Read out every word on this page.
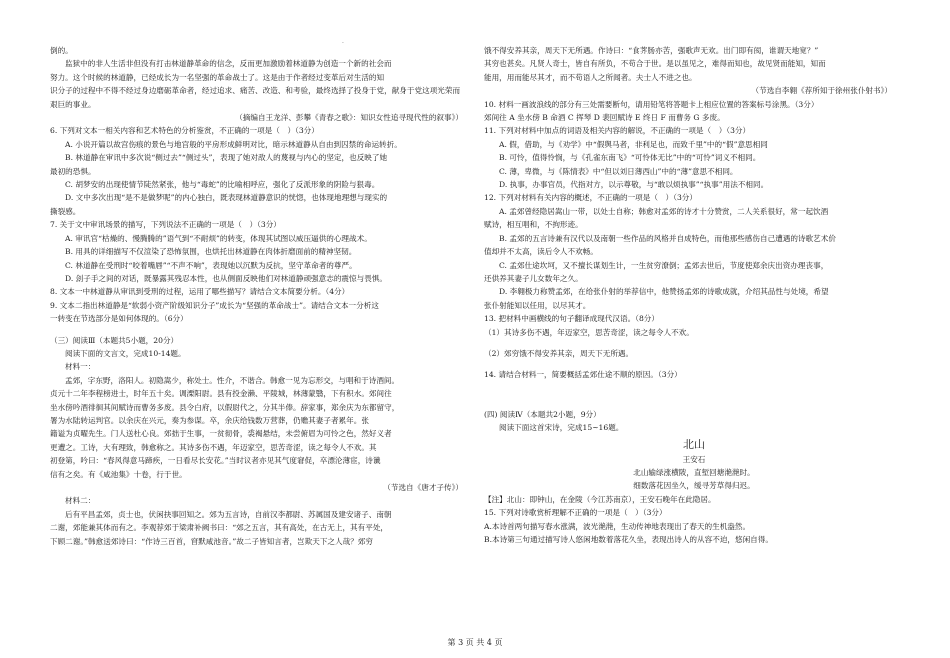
·
倒的。
监狱中的非人生活非但没有打击林道静革命的信念，反而更加激励着林道静为创造一个新的社会而
努力。这个时候的林道静，已经成长为一名坚强的革命战士了。这是由于作者经过变革后对生活的知
识分子的过程中不得不经过身边磨砺革命者，经过追求、痛苦、改造、和考验，最终选择了投身于党，献身于党这项光荣而
艰巨的事业。
（摘编自王龙洋、彭攀《青春之歌》：知识女性追寻现代性的叙事》）
6. 下列对文本一相关内容和艺术特色的分析鉴赏，不正确的一项是（　）（3分）
A. 小说开篇以故宫伤痕的景色与地宫般的平房形成鲜明对比，暗示林道静从自由到囚禁的命运转折。
B. 林道静在审讯中多次说“侧过去”“侧过头”，表现了她对敌人的蔑视与内心的坚定，也反映了她
最初的恐惧。
C. 胡梦安的出现使情节陡然紧张，他与“毒蛇”的比喻相呼应，强化了反派形象的阴险与狠毒。
D. 文中多次出现“是不是做梦呢”的内心独白，既表现林道静意识的恍惚，也体现地理想与现实的
撕裂感。
7. 关于文中审讯场景的描写，下列说法不正确的一项是（　）（3分）
A. 审讯官“枯燥的、慢腾腾的”语气到“不耐烦”的转变，体现其试图以威压逼供的心理战术。
B. 用具的详细描写不仅渲染了恐怖氛围，也烘托出林道静在肉体折磨面前的精神坚韧。
C. 林道静在受刑时“咬着嘴唇”“不声不响”，表现她以沉默为反抗，坚守革命者的尊严。
D. 刽子手之间的对话，既暴露其残忍本性，也从侧面反映他们对林道静顽强意志的震惊与畏惧。
8. 文本一中林道静从审讯到受刑的过程，运用了哪些描写？请结合文本简要分析。（4分）
9. 文本二指出林道静是“软弱小资产阶级知识分子”成长为“坚强的革命战士”。请结合文本一分析这
一转变在节选部分是如何体现的。（6分）
（三）阅读Ⅲ（本题共5小题，20分）
阅读下面的文言文，完成10-14题。
材料一：
孟郊，字东野，洛阳人。初隐嵩少，称处士。性介，不谐合。韩愈一见为忘形交，与唱和于诗酒间。
贞元十二年李程榜进士，时年五十矣。调溧阳尉。县有投金濑、平陵城，林薄蒙翳，下有积水。郊间往
坐水傍吟酒徘徊其间赋诗而曹务多废。县令白府，以假尉代之，分其半俸。辞家事，郑余庆为东都留守，
署为水陆转运判官。以余庆在兴元，奏为参谋。卒，余庆给钱数万营葬，仍赡其妻子者累年。张
籍谥为贞曜先生。门人送杜心良。郊拙于生事，一贫彻骨，裘褐悬结，未尝俯眉为可怜之色，然好义者
更遭之。工诗，大有理致，韩愈称之。其诗多伤不遇，年迈家空，思苦奇涩，读之每令人不欢。其
初登第，吟曰：“春风得意马蹄疾，一日看尽长安花。”当时议者亦见其气度窘促，卒漂沦薄宦，诗谶
信有之矣。有《咸池集》十卷，行于世。
（节选自《唐才子传》）
材料二：
后有平昌孟郊，贞士也，伏闲抉事回知之。郊为五言诗，自前汉李都尉、苏属国及建安诸子、南朝
二谢，郊能兼其体而有之。李观荐郊于梁肃补阙书曰：“郊之五言，其有高处，在古无上，其有平处，
下顾二谢。”韩愈送郊诗曰：“作诗三百首，窅默咸池音。”故二子皆知言者，岂欺天下之人哉？郊穷
饿不得安养其亲，周天下无所遇。作诗曰：“食荠肠亦苦，强歌声无欢。出门即有阂，谁谓天地宽？”
其穷也甚矣。凡贤人奇士，皆自有所负，不苟合于世。是以虽见之，难得而知也，故见贤而能知，知而
能用，用而能尽其才，而不苟语人之所闻者。夫士人不进之也。
（节选自李翱《荐所知于徐州张仆射书》）
10. 材料一画波浪线的部分有三处需要断句，请用铅笔将答题卡上相应位置的答案标号涂黑。（3分）
郊间往 A 坐水傍 B 命酒 C 挥琴 D 裴回赋诗 E 终日 F 而曹务 G 多废。
11. 下列对材料中加点的词语及相关内容的解说，不正确的一项是（　）（3分）
A. 假，借助，与《劝学》中“假舆马者，非利足也，而致千里”中的“假”意思相同
B. 可怜，值得怜悯，与《孔雀东南飞》“可怜体无比”中的“可怜”词义不相同。
C. 薄，卑微，与《陈情表》中“但以刘日薄西山”中的“薄”意思不相同。
D. 执事，办事官员，代指对方，以示尊敬，与“敢以烦执事”“执事”用法不相同。
12. 下列对材料有关内容的概述，不正确的一项是（　）（3分）
A. 孟郊曾经隐居嵩山一带，以处士自称；韩愈对孟郊的诗才十分赞赏，二人关系很好，常一起饮酒
赋诗，相互唱和，不拘形迹。
B. 孟郊的五言诗兼有汉代以及南朝一些作品的风格并自成特色，而他那些感伤自己遭遇的诗歌艺术价
值却并不太高，读后令人不欢畅。
C. 孟郊仕途坎坷，又不擅长谋划生计，一生贫穷潦倒；孟郊去世后，节度使郑余庆出资办理丧事，
还供养其妻子儿女数年之久。
D. 李翱极力称赞孟郊，在给张仆射的举荐信中，他赞扬孟郊的诗歌成就，介绍其品性与处境，希望
张仆射能知以任用，以尽其才。
13. 把材料中画横线的句子翻译成现代汉语。（8分）
（1）其诗多伤不遇，年迈家空，思苦奇涩，读之每令人不欢。
（2）郊穷饿不得安养其亲，周天下无所遇。
14. 请结合材料一，简要概括孟郊仕途不顺的原因。（3分）
(四) 阅读Ⅳ（本题共2小题，9分）
阅读下面这首宋诗，完成15~16题。
北山
王安石
北山输绿涨横陂，直堑回塘滟滟时。
细数落花因坐久，缓寻芳草得归迟。
【注】北山：即钟山，在金陵（今江苏南京），王安石晚年在此隐居。
15. 下列对诗歌赏析理解不正确的一项是（　）（3分）
A.本诗首两句描写春水涨满，波光滟滟，生动传神地表现出了春天的生机盎然。
B.本诗第三句通过描写诗人悠闲地数着落花久坐，表现出诗人的从容不迫，悠闲自得。
第 3 页 共 4 页
